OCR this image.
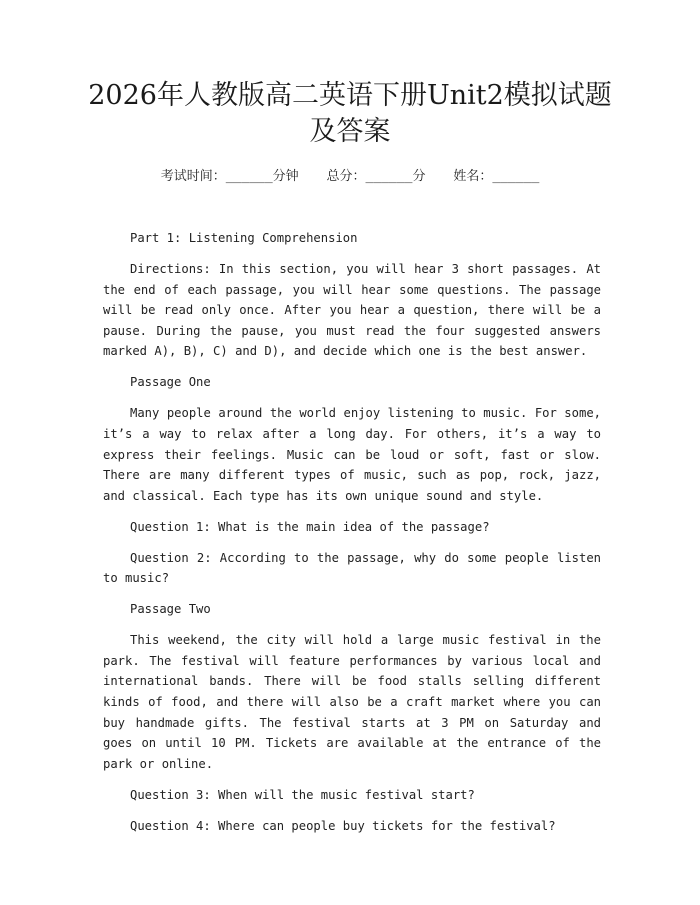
2026年人教版高二英语下册Unit2模拟试题
及答案
考试时间：______分钟 总分：______分 姓名：______

Part 1: Listening Comprehension

Directions: In this section, you will hear 3 short passages. At the end of each passage, you will hear some questions. The passage will be read only once. After you hear a question, there will be a pause. During the pause, you must read the four suggested answers marked A), B), C) and D), and decide which one is the best answer.

Passage One

Many people around the world enjoy listening to music. For some, it’s a way to relax after a long day. For others, it’s a way to express their feelings. Music can be loud or soft, fast or slow. There are many different types of music, such as pop, rock, jazz, and classical. Each type has its own unique sound and style.

Question 1: What is the main idea of the passage?

Question 2: According to the passage, why do some people listen to music?

Passage Two

This weekend, the city will hold a large music festival in the park. The festival will feature performances by various local and international bands. There will be food stalls selling different kinds of food, and there will also be a craft market where you can buy handmade gifts. The festival starts at 3 PM on Saturday and goes on until 10 PM. Tickets are available at the entrance of the park or online.

Question 3: When will the music festival start?

Question 4: Where can people buy tickets for the festival?
